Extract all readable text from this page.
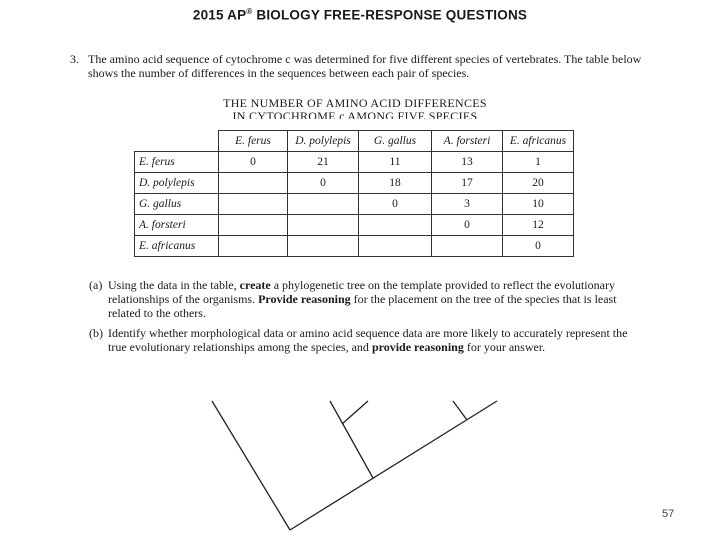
2015 AP® BIOLOGY FREE-RESPONSE QUESTIONS
3. The amino acid sequence of cytochrome c was determined for five different species of vertebrates. The table below shows the number of differences in the sequences between each pair of species.
THE NUMBER OF AMINO ACID DIFFERENCES
IN CYTOCHROME c AMONG FIVE SPECIES
	E. ferus	D. polylepis	G. gallus	A. forsteri	E. africanus
E. ferus	0	21	11	13	1
D. polylepis		0	18	17	20
G. gallus			0	3	10
A. forsteri				0	12
E. africanus					0
(a) Using the data in the table, create a phylogenetic tree on the template provided to reflect the evolutionary relationships of the organisms. Provide reasoning for the placement on the tree of the species that is least related to the others.
(b) Identify whether morphological data or amino acid sequence data are more likely to accurately represent the true evolutionary relationships among the species, and provide reasoning for your answer.
57
